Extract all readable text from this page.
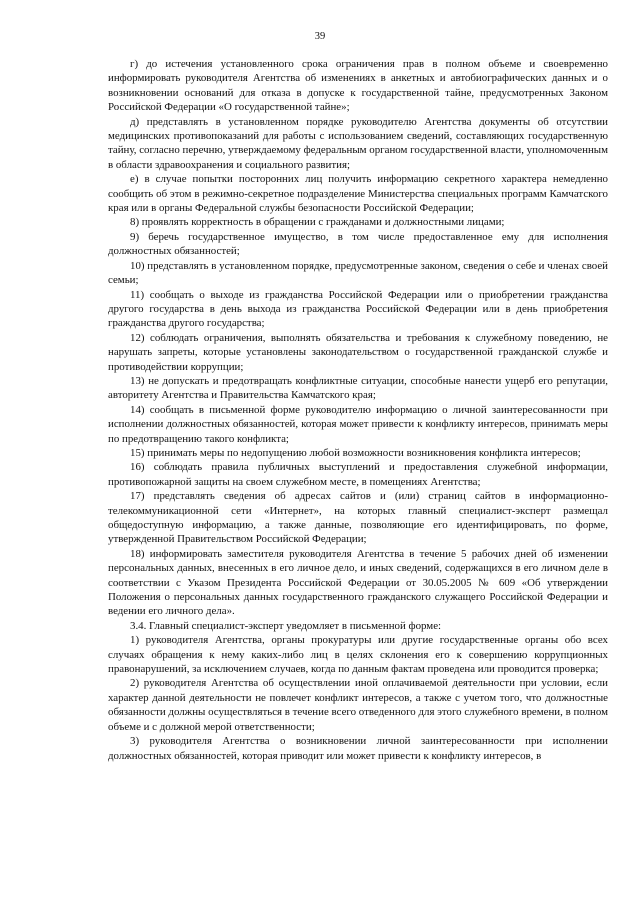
39

г) до истечения установленного срока ограничения прав в полном объеме и своевременно информировать руководителя Агентства об изменениях в анкетных и автобиографических данных и о возникновении оснований для отказа в допуске к государственной тайне, предусмотренных Законом Российской Федерации «О государственной тайне»;

д) представлять в установленном порядке руководителю Агентства документы об отсутствии медицинских противопоказаний для работы с использованием сведений, составляющих государственную тайну, согласно перечню, утверждаемому федеральным органом государственной власти, уполномоченным в области здравоохранения и социального развития;

е) в случае попытки посторонних лиц получить информацию секретного характера немедленно сообщить об этом в режимно-секретное подразделение Министерства специальных программ Камчатского края или в органы Федеральной службы безопасности Российской Федерации;

8) проявлять корректность в обращении с гражданами и должностными лицами;

9) беречь государственное имущество, в том числе предоставленное ему для исполнения должностных обязанностей;

10) представлять в установленном порядке, предусмотренные законом, сведения о себе и членах своей семьи;

11) сообщать о выходе из гражданства Российской Федерации или о приобретении гражданства другого государства в день выхода из гражданства Российской Федерации или в день приобретения гражданства другого государства;

12) соблюдать ограничения, выполнять обязательства и требования к служебному поведению, не нарушать запреты, которые установлены законодательством о государственной гражданской службе и противодействии коррупции;

13) не допускать и предотвращать конфликтные ситуации, способные нанести ущерб его репутации, авторитету Агентства и Правительства Камчатского края;

14) сообщать в письменной форме руководителю информацию о личной заинтересованности при исполнении должностных обязанностей, которая может привести к конфликту интересов, принимать меры по предотвращению такого конфликта;

15) принимать меры по недопущению любой возможности возникновения конфликта интересов;

16) соблюдать правила публичных выступлений и предоставления служебной информации, противопожарной защиты на своем служебном месте, в помещениях Агентства;

17) представлять сведения об адресах сайтов и (или) страниц сайтов в информационно-телекоммуникационной сети «Интернет», на которых главный специалист-эксперт размещал общедоступную информацию, а также данные, позволяющие его идентифицировать, по форме, утвержденной Правительством Российской Федерации;

18) информировать заместителя руководителя Агентства в течение 5 рабочих дней об изменении персональных данных, внесенных в его личное дело, и иных сведений, содержащихся в его личном деле в соответствии с Указом Президента Российской Федерации от 30.05.2005 № 609 «Об утверждении Положения о персональных данных государственного гражданского служащего Российской Федерации и ведении его личного дела».

3.4. Главный специалист-эксперт уведомляет в письменной форме:

1) руководителя Агентства, органы прокуратуры или другие государственные органы обо всех случаях обращения к нему каких-либо лиц в целях склонения его к совершению коррупционных правонарушений, за исключением случаев, когда по данным фактам проведена или проводится проверка;

2) руководителя Агентства об осуществлении иной оплачиваемой деятельности при условии, если характер данной деятельности не повлечет конфликт интересов, а также с учетом того, что должностные обязанности должны осуществляться в течение всего отведенного для этого служебного времени, в полном объеме и с должной мерой ответственности;

3) руководителя Агентства о возникновении личной заинтересованности при исполнении должностных обязанностей, которая приводит или может привести к конфликту интересов, в
